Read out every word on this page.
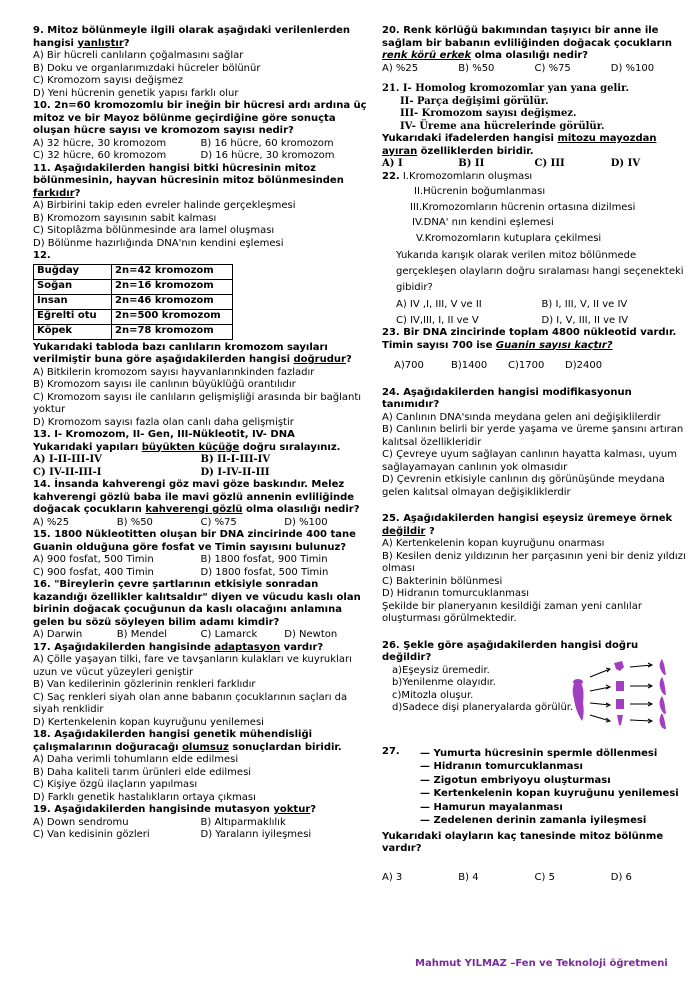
9. Mitoz bölünmeyle ilgili olarak aşağıdaki verilenlerden hangisi yanlıştır?
A) Bir hücreli canlıların çoğalmasını sağlar
B) Doku ve organlarımızdaki hücreler bölünür
C) Kromozom sayısı değişmez
D) Yeni hücrenin genetik yapısı farklı olur
10. 2n=60 kromozomlu bir ineğin bir hücresi ardı ardına üç mitoz ve bir Mayoz bölünme geçirdiğine göre sonuçta oluşan hücre sayısı ve kromozom sayısı nedir?
A) 32 hücre, 30 kromozom	B) 16 hücre, 60 kromozom
C) 32 hücre, 60 kromozom	D) 16 hücre, 30 kromozom
11. Aşağıdakilerden hangisi bitki hücresinin mitoz bölünmesinin, hayvan hücresinin mitoz bölünmesinden farkıdır?
A) Birbirini takip eden evreler halinde gerçekleşmesi
B) Kromozom sayısının sabit kalması
C) Sitoplâzma bölünmesinde ara lamel oluşması
D) Bölünme hazırlığında DNA'nın kendini eşlemesi
12.
Buğday	2n=42 kromozom
Soğan	2n=16 kromozom
İnsan	2n=46 kromozom
Eğrelti otu	2n=500 kromozom
Köpek	2n=78 kromozom
Yukarıdaki tabloda bazı canlıların kromozom sayıları verilmiştir buna göre aşağıdakilerden hangisi doğrudur?
A) Bitkilerin kromozom sayısı hayvanlarınkinden fazladır
B) Kromozom sayısı ile canlının büyüklüğü orantılıdır
C) Kromozom sayısı ile canlıların gelişmişliği arasında bir bağlantı yoktur
D) Kromozom sayısı fazla olan canlı daha gelişmiştir
13. I- Kromozom, II- Gen, III-Nükleotit, IV- DNA
Yukarıdaki yapıları büyükten küçüğe doğru sıralayınız.
A) I-II-III-IV	B) II-I-III-IV
C) IV-II-III-I	D) I-IV-II-III
14. İnsanda kahverengi göz mavi göze baskındır. Melez kahverengi gözlü baba ile mavi gözlü annenin evliliğinde doğacak çocukların kahverengi gözlü olma olasılığı nedir?
A) %25	B) %50	C) %75	D) %100
15. 1800 Nükleotitten oluşan bir DNA zincirinde 400 tane Guanin olduğuna göre fosfat ve Timin sayısını bulunuz?
A) 900 fosfat, 500 Timin	B) 1800 fosfat, 900 Timin
C) 900 fosfat, 400 Timin	D) 1800 fosfat, 500 Timin
16. "Bireylerin çevre şartlarının etkisiyle sonradan kazandığı özellikler kalıtsaldır" diyen ve vücudu kaslı olan birinin doğacak çocuğunun da kaslı olacağını anlamına gelen bu sözü söyleyen bilim adamı kimdir?
A) Darwin	B) Mendel	C) Lamarck	D) Newton
17. Aşağıdakilerden hangisinde adaptasyon vardır?
A) Çölle yaşayan tilki, fare ve tavşanların kulakları ve kuyrukları uzun ve vücut yüzeyleri geniştir
B) Van kedilerinin gözlerinin renkleri farklıdır
C) Saç renkleri siyah olan anne babanın çocuklarının saçları da siyah renklidir
D) Kertenkelenin kopan kuyruğunu yenilemesi
18. Aşağıdakilerden hangisi genetik mühendisliği çalışmalarının doğuracağı olumsuz sonuçlardan biridir.
A) Daha verimli tohumların elde edilmesi
B) Daha kaliteli tarım ürünleri elde edilmesi
C) Kişiye özgü ilaçların yapılması
D) Farklı genetik hastalıkların ortaya çıkması
19. Aşağıdakilerden hangisinde mutasyon yoktur?
A) Down sendromu	B) Altıparmaklılık
C) Van kedisinin gözleri	D) Yaraların iyileşmesi
20. Renk körlüğü bakımından taşıyıcı bir anne ile sağlam bir babanın evliliğinden doğacak çocukların renk körü erkek olma olasılığı nedir?
A) %25	B) %50	C) %75	D) %100
21. I- Homolog kromozomlar yan yana gelir.
II- Parça değişimi görülür.
III- Kromozom sayısı değişmez.
IV- Üreme ana hücrelerinde görülür.
Yukarıdaki ifadelerden hangisi mitozu mayozdan ayıran özelliklerden biridir.
A) I	B) II	C) III	D) IV
22. I.Kromozomların oluşması
II.Hücrenin boğumlanması
III.Kromozomların hücrenin ortasına dizilmesi
IV.DNA' nın kendini eşlemesi
V.Kromozomların kutuplara çekilmesi
Yukarıda karışık olarak verilen mitoz bölünmede gerçekleşen olayların doğru sıralaması hangi seçenekteki gibidir?
A) IV ,I, III, V ve II	B) I, III, V, II ve IV
C) IV,III, I, II ve V	D) I, V, III, II ve IV
23. Bir DNA zincirinde toplam 4800 nükleotid vardır. Timin sayısı 700 ise Guanin sayısı kaçtır?
A)700	B)1400	C)1700	D)2400
24. Aşağıdakilerden hangisi modifikasyonun tanımıdır?
A) Canlının DNA'sında meydana gelen ani değişiklilerdir
B) Canlının belirli bir yerde yaşama ve üreme şansını artıran kalıtsal özellikleridir
C) Çevreye uyum sağlayan canlının hayatta kalması, uyum sağlayamayan canlının yok olmasıdır
D) Çevrenin etkisiyle canlının dış görünüşünde meydana gelen kalıtsal olmayan değişikliklerdir
25. Aşağıdakilerden hangisi eşeysiz üremeye örnek değildir ?
A) Kertenkelenin kopan kuyruğunu onarması
B) Kesilen deniz yıldızının her parçasının yeni bir deniz yıldızı olması
C) Bakterinin bölünmesi
D) Hidranın tomurcuklanması
Şekilde bir planeryanın kesildiği zaman yeni canlılar oluşturması görülmektedir.
26. Şekle göre aşağıdakilerden hangisi doğru değildir?
a)Eşeysiz üremedir.
b)Yenilenme olayıdır.
c)Mitozla oluşur.
d)Sadece dişi planeryalarda görülür.
27.	— Yumurta hücresinin spermle döllenmesi
— Hidranın tomurcuklanması
— Zigotun embriyoyu oluşturması
— Kertenkelenin kopan kuyruğunu yenilemesi
— Hamurun mayalanması
— Zedelenen derinin zamanla iyileşmesi
Yukarıdaki olayların kaç tanesinde mitoz bölünme vardır?
A) 3	B) 4	C) 5	D) 6
Mahmut YILMAZ –Fen ve Teknoloji öğretmeni
